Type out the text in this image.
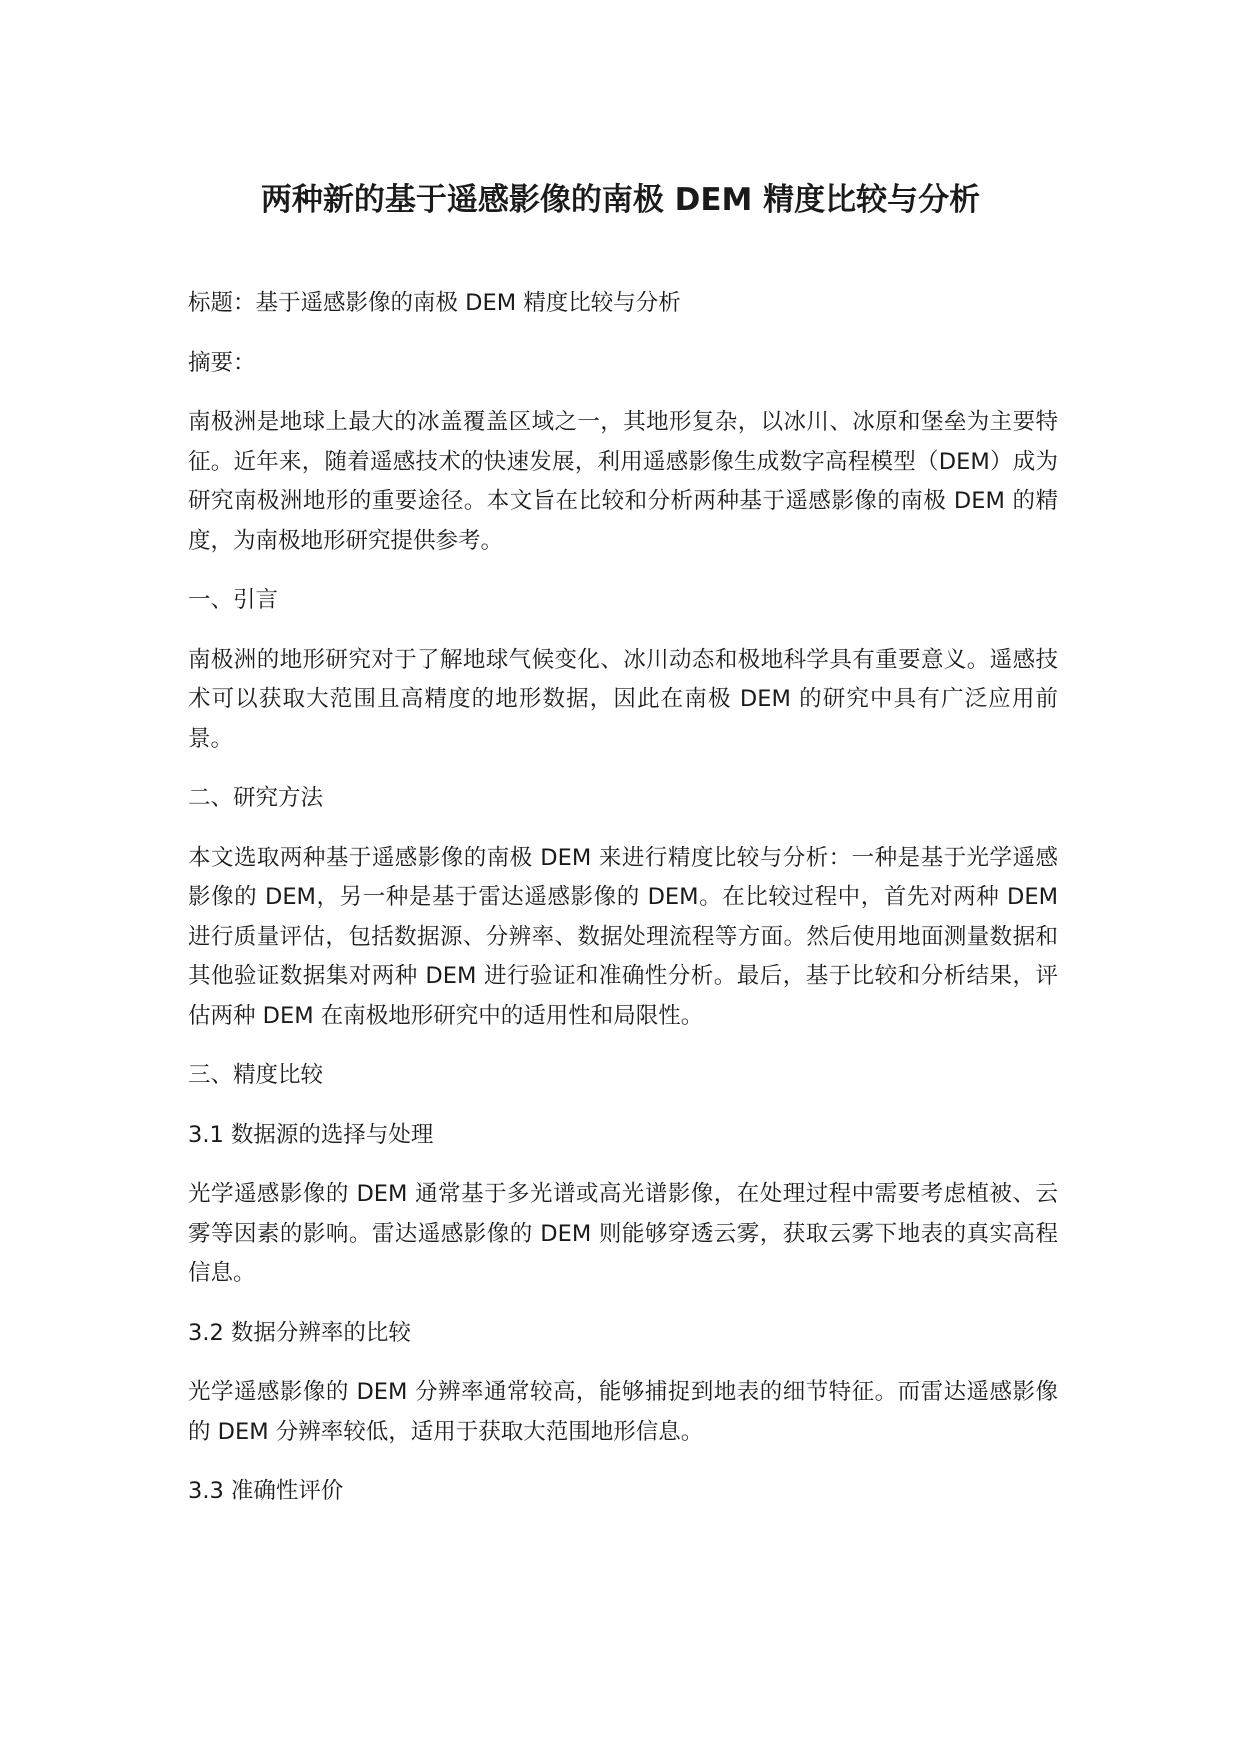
两种新的基于遥感影像的南极 DEM 精度比较与分析

标题：基于遥感影像的南极 DEM 精度比较与分析

摘要：

南极洲是地球上最大的冰盖覆盖区域之一，其地形复杂，以冰川、冰原和堡垒为主要特征。近年来，随着遥感技术的快速发展，利用遥感影像生成数字高程模型（DEM）成为研究南极洲地形的重要途径。本文旨在比较和分析两种基于遥感影像的南极 DEM 的精度，为南极地形研究提供参考。

一、引言

南极洲的地形研究对于了解地球气候变化、冰川动态和极地科学具有重要意义。遥感技术可以获取大范围且高精度的地形数据，因此在南极 DEM 的研究中具有广泛应用前景。

二、研究方法

本文选取两种基于遥感影像的南极 DEM 来进行精度比较与分析：一种是基于光学遥感影像的 DEM，另一种是基于雷达遥感影像的 DEM。在比较过程中，首先对两种 DEM 进行质量评估，包括数据源、分辨率、数据处理流程等方面。然后使用地面测量数据和其他验证数据集对两种 DEM 进行验证和准确性分析。最后，基于比较和分析结果，评估两种 DEM 在南极地形研究中的适用性和局限性。

三、精度比较

3.1 数据源的选择与处理

光学遥感影像的 DEM 通常基于多光谱或高光谱影像，在处理过程中需要考虑植被、云雾等因素的影响。雷达遥感影像的 DEM 则能够穿透云雾，获取云雾下地表的真实高程信息。

3.2 数据分辨率的比较

光学遥感影像的 DEM 分辨率通常较高，能够捕捉到地表的细节特征。而雷达遥感影像的 DEM 分辨率较低，适用于获取大范围地形信息。

3.3 准确性评价
